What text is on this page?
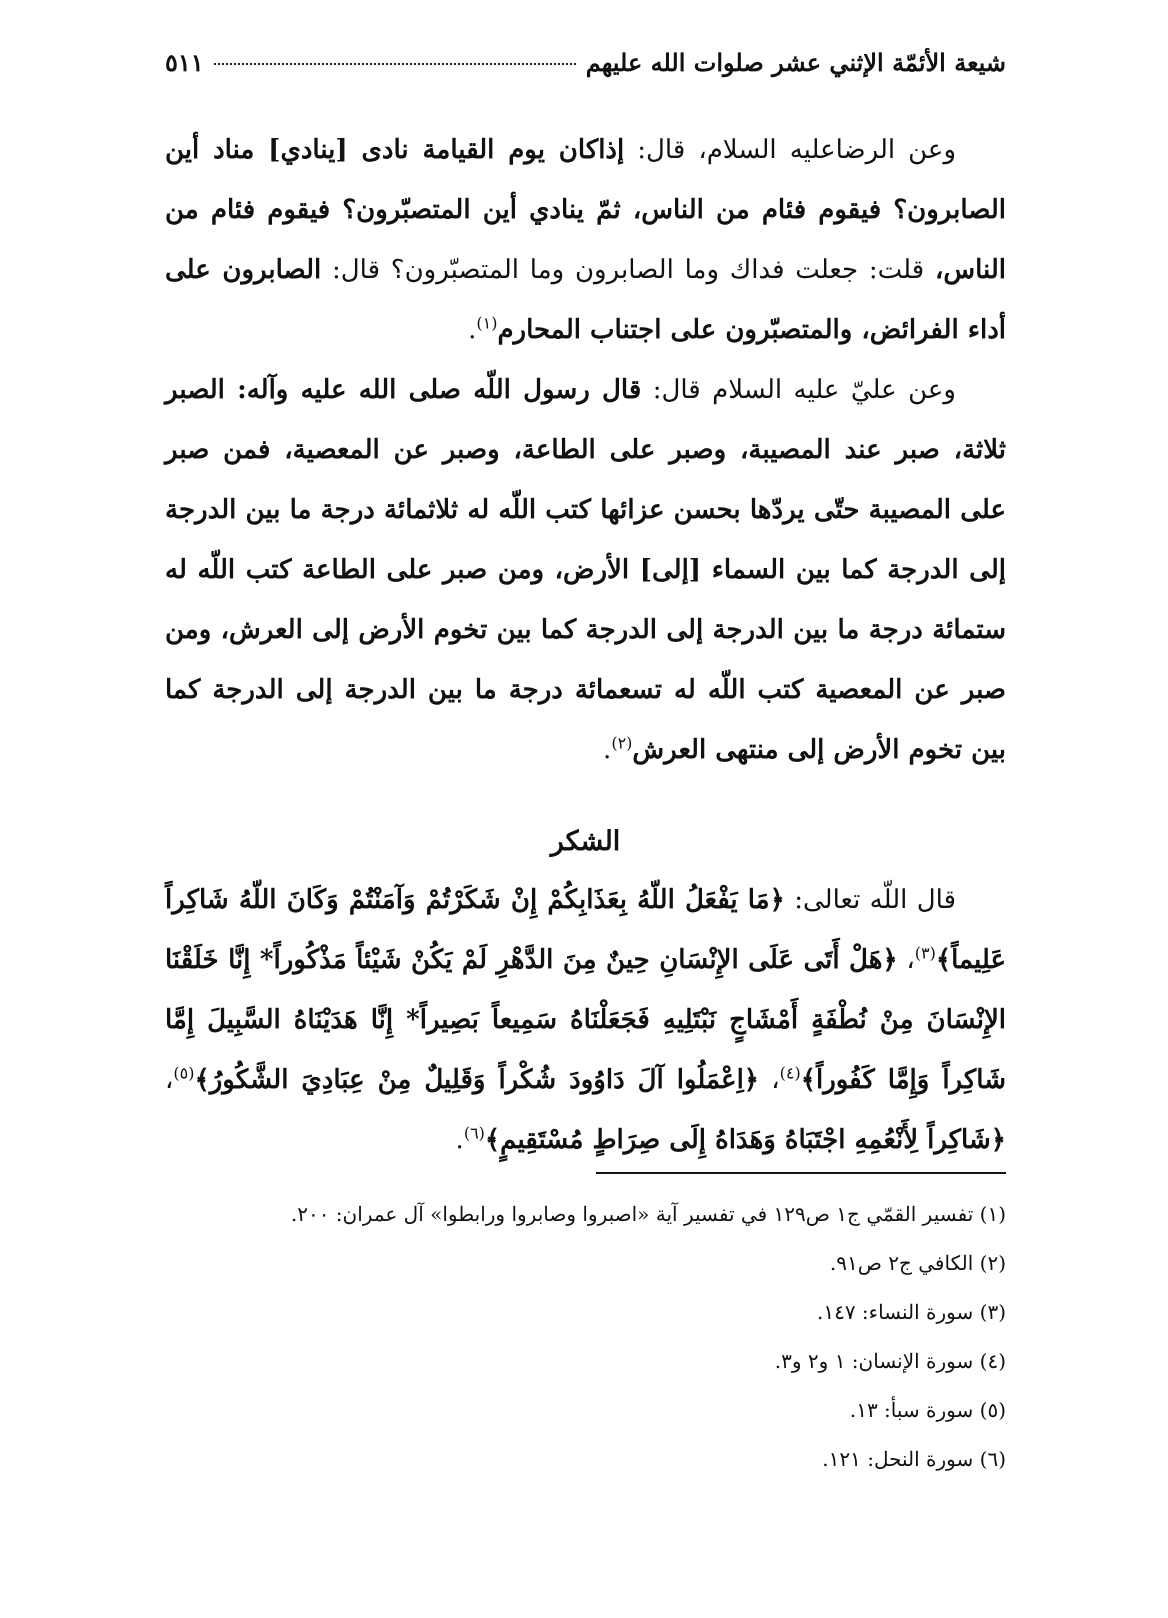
شيعة الأئمّة الإثني عشر صلوات الله عليهم
٥١١

وعن الرضاعليه السلام، قال: إذاكان يوم القيامة نادى [ينادي] مناد أين الصابرون؟ فيقوم فئام من الناس، ثمّ ينادي أين المتصبّرون؟ فيقوم فئام من الناس، قلت: جعلت فداك وما الصابرون وما المتصبّرون؟ قال: الصابرون على أداء الفرائض، والمتصبّرون على اجتناب المحارم$^{(١)}$.

وعن عليّ عليه السلام قال: قال رسول اللّه صلى الله عليه وآله: الصبر ثلاثة، صبر عند المصيبة، وصبر على الطاعة، وصبر عن المعصية، فمن صبر على المصيبة حتّى يردّها بحسن عزائها كتب اللّه له ثلاثمائة درجة ما بين الدرجة إلى الدرجة كما بين السماء [إلى] الأرض، ومن صبر على الطاعة كتب اللّه له ستمائة درجة ما بين الدرجة إلى الدرجة كما بين تخوم الأرض إلى العرش، ومن صبر عن المعصية كتب اللّه له تسعمائة درجة ما بين الدرجة إلى الدرجة كما بين تخوم الأرض إلى منتهى العرش$^{(٢)}$.

الشكر

قال اللّه تعالى: ﴿مَا يَفْعَلُ اللّهُ بِعَذَابِكُمْ إِنْ شَكَرْتُمْ وَآمَنْتُمْ وَكَانَ اللّهُ شَاكِراً عَلِيماً﴾$^{(٣)}$، ﴿هَلْ أَتَى عَلَى الإِنْسَانِ حِينٌ مِنَ الدَّهْرِ لَمْ يَكُنْ شَيْئاً مَذْكُوراً* إِنَّا خَلَقْنَا الإِنْسَانَ مِنْ نُطْفَةٍ أَمْشَاجٍ نَبْتَلِيهِ فَجَعَلْنَاهُ سَمِيعاً بَصِيراً* إِنَّا هَدَيْنَاهُ السَّبِيلَ إِمَّا شَاكِراً وَإِمَّا كَفُوراً﴾$^{(٤)}$، ﴿اِعْمَلُوا آلَ دَاوُودَ شُكْراً وَقَلِيلٌ مِنْ عِبَادِيَ الشَّكُورُ﴾$^{(٥)}$، ﴿شَاكِراً لِأَنْعُمِهِ اجْتَبَاهُ وَهَدَاهُ إِلَى صِرَاطٍ مُسْتَقِيمٍ﴾$^{(٦)}$.

(١) تفسير القمّي ج١ ص١٢٩ في تفسير آية «اصبروا وصابروا ورابطوا» آل عمران: ٢٠٠.
(٢) الكافي ج٢ ص٩١.
(٣) سورة النساء: ١٤٧.
(٤) سورة الإنسان: ١ و٢ و٣.
(٥) سورة سبأ: ١٣.
(٦) سورة النحل: ١٢١.
